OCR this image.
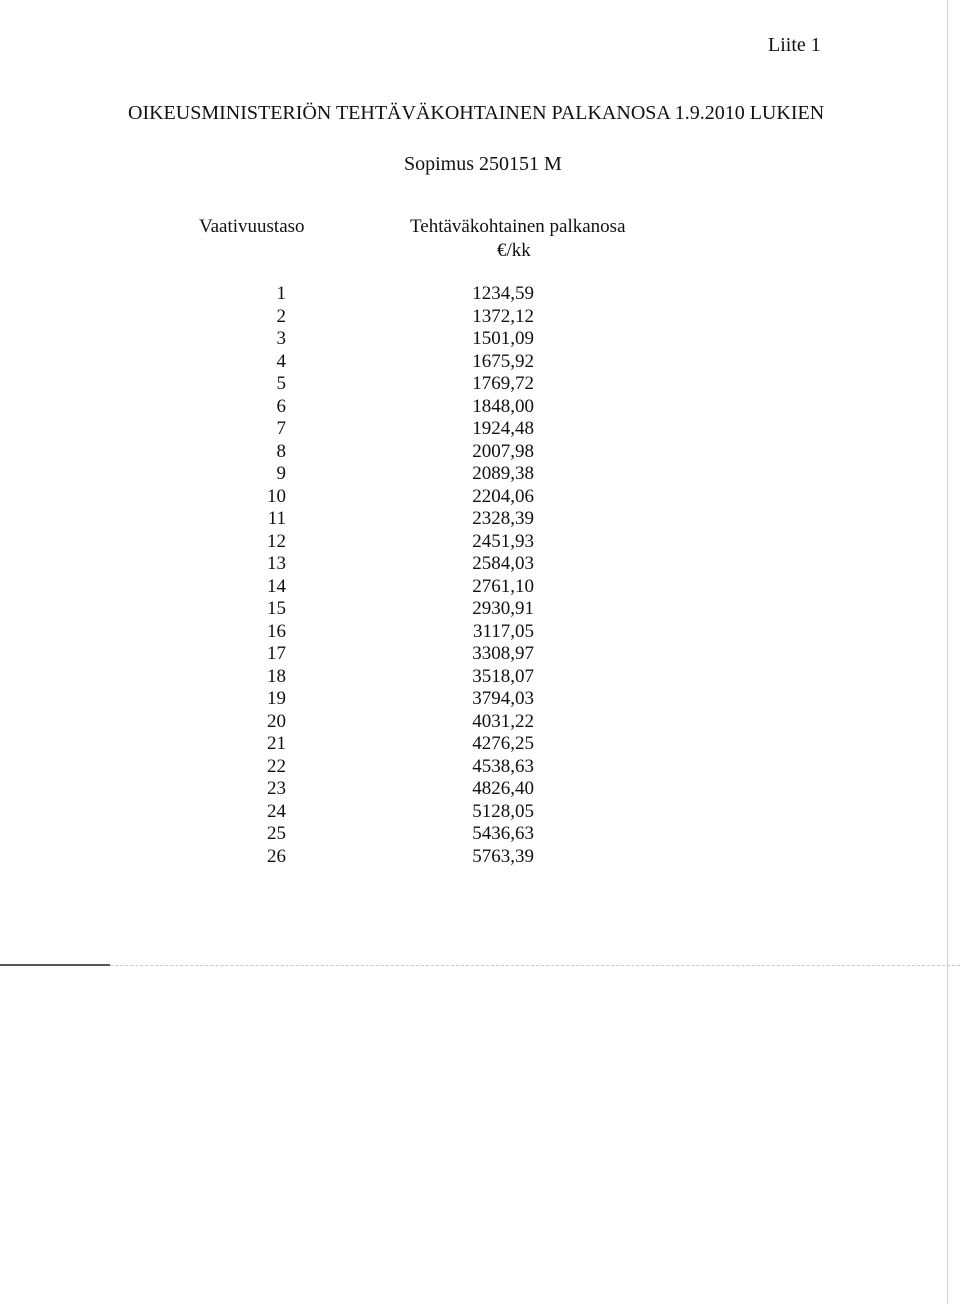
Liite 1
OIKEUSMINISTERIÖN TEHTÄVÄKOHTAINEN PALKANOSA 1.9.2010 LUKIEN
Sopimus 250151 M
Vaativuustaso	Tehtäväkohtainen palkanosa
€/kk
1	1234,59
2	1372,12
3	1501,09
4	1675,92
5	1769,72
6	1848,00
7	1924,48
8	2007,98
9	2089,38
10	2204,06
11	2328,39
12	2451,93
13	2584,03
14	2761,10
15	2930,91
16	3117,05
17	3308,97
18	3518,07
19	3794,03
20	4031,22
21	4276,25
22	4538,63
23	4826,40
24	5128,05
25	5436,63
26	5763,39
